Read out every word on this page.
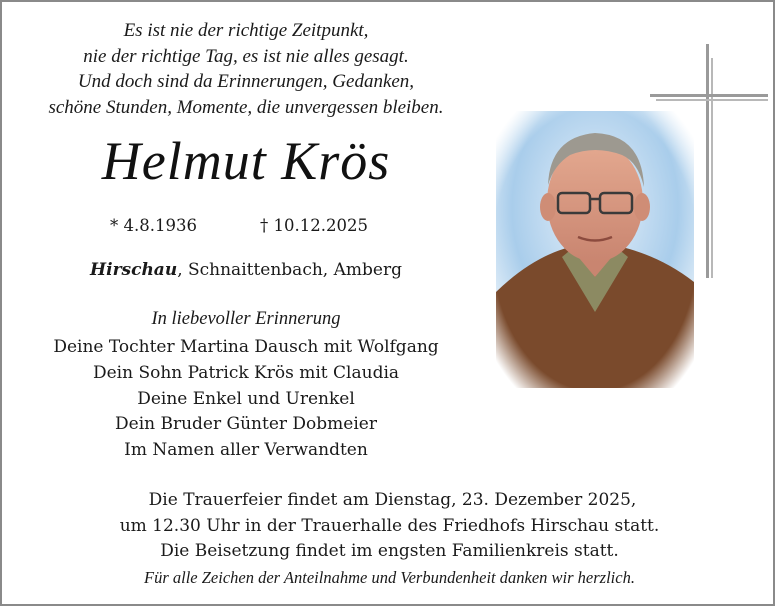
Es ist nie der richtige Zeitpunkt,
nie der richtige Tag, es ist nie alles gesagt.
Und doch sind da Erinnerungen, Gedanken,
schöne Stunden, Momente, die unvergessen bleiben.
Helmut Krös
* 4.8.1936	† 10.12.2025
Hirschau, Schnaittenbach, Amberg
In liebevoller Erinnerung
Deine Tochter Martina Dausch mit Wolfgang
Dein Sohn Patrick Krös mit Claudia
Deine Enkel und Urenkel
Dein Bruder Günter Dobmeier
Im Namen aller Verwandten
Die Trauerfeier findet am Dienstag, 23. Dezember 2025,
um 12.30 Uhr in der Trauerhalle des Friedhofs Hirschau statt.
Die Beisetzung findet im engsten Familienkreis statt.
Für alle Zeichen der Anteilnahme und Verbundenheit danken wir herzlich.
